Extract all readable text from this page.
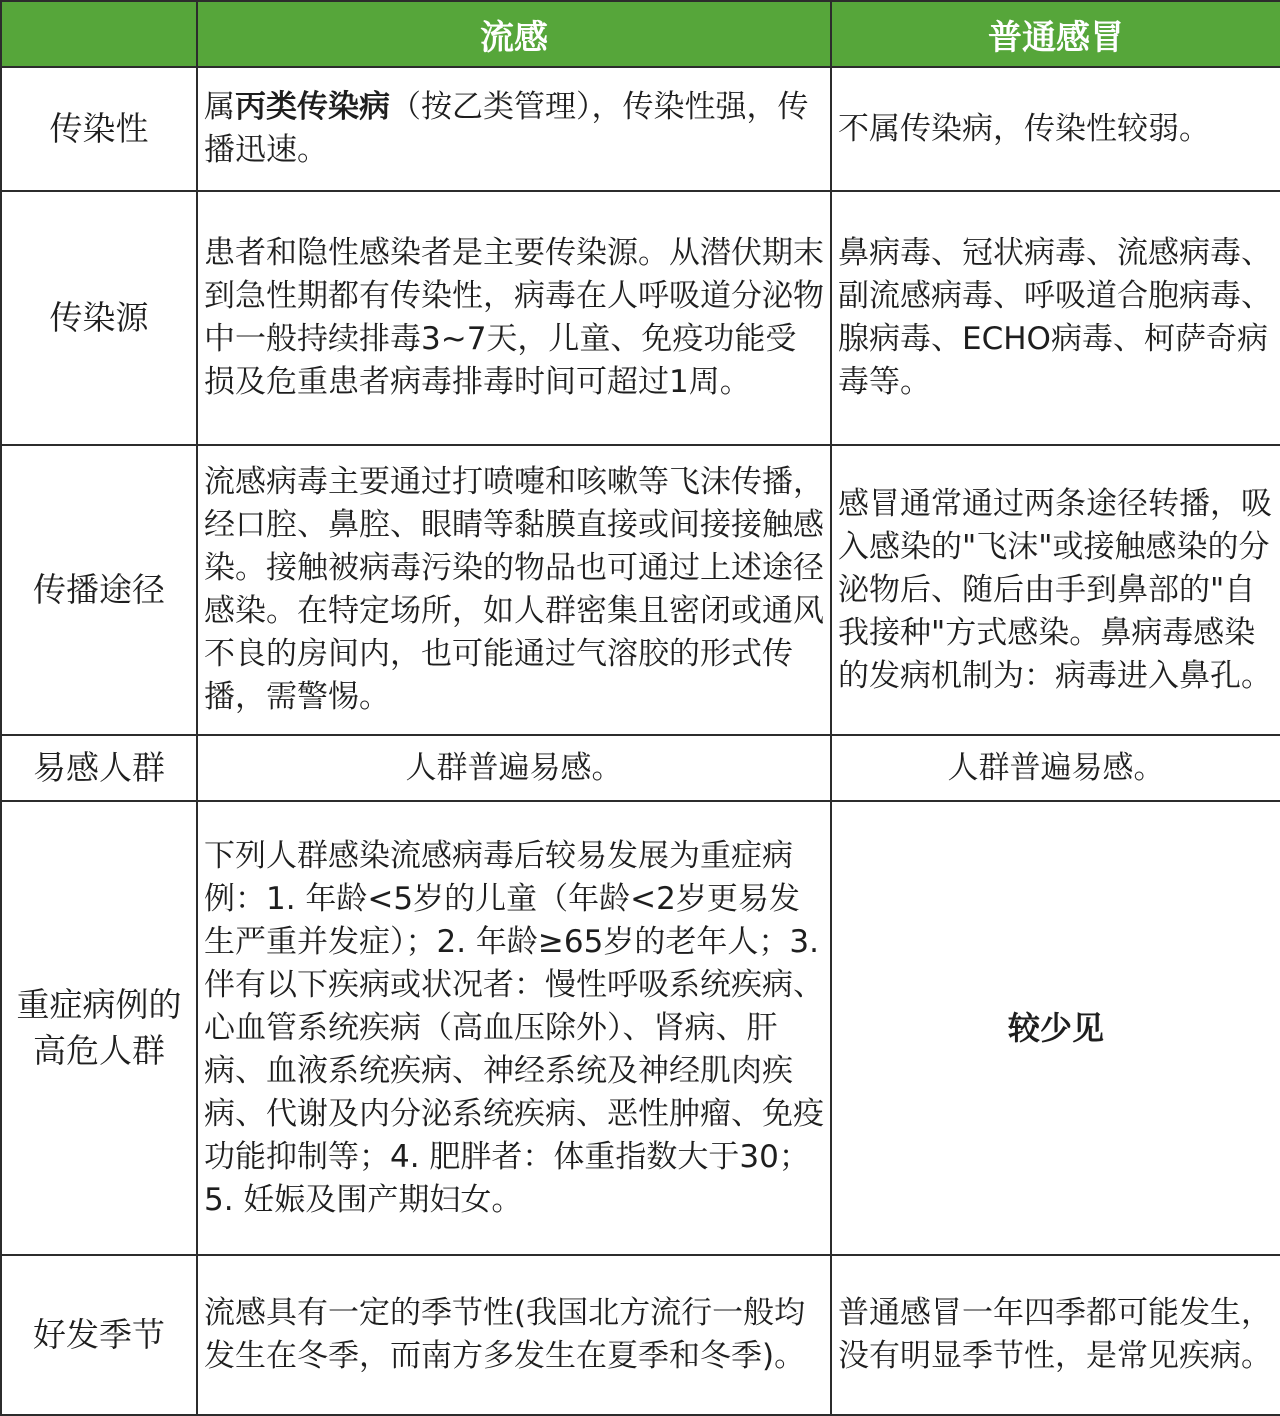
	流感	普通感冒
传染性	属丙类传染病（按乙类管理），传染性强，传播迅速。	不属传染病，传染性较弱。
传染源	患者和隐性感染者是主要传染源。从潜伏期末到急性期都有传染性，病毒在人呼吸道分泌物中一般持续排毒3~7天，儿童、免疫功能受损及危重患者病毒排毒时间可超过1周。	鼻病毒、冠状病毒、流感病毒、副流感病毒、呼吸道合胞病毒、腺病毒、ECHO病毒、柯萨奇病毒等。
传播途径	流感病毒主要通过打喷嚏和咳嗽等飞沫传播，经口腔、鼻腔、眼睛等黏膜直接或间接接触感染。接触被病毒污染的物品也可通过上述途径感染。在特定场所，如人群密集且密闭或通风不良的房间内，也可能通过气溶胶的形式传播，需警惕。	感冒通常通过两条途径转播，吸入感染的"飞沫"或接触感染的分泌物后、随后由手到鼻部的"自我接种"方式感染。鼻病毒感染的发病机制为：病毒进入鼻孔。
易感人群	人群普遍易感。	人群普遍易感。
重症病例的高危人群	下列人群感染流感病毒后较易发展为重症病例：1. 年龄<5岁的儿童（年龄<2岁更易发生严重并发症）；2. 年龄≥65岁的老年人；3. 伴有以下疾病或状况者：慢性呼吸系统疾病、心血管系统疾病（高血压除外）、肾病、肝病、血液系统疾病、神经系统及神经肌肉疾病、代谢及内分泌系统疾病、恶性肿瘤、免疫功能抑制等；4. 肥胖者：体重指数大于30；5. 妊娠及围产期妇女。	较少见
好发季节	流感具有一定的季节性(我国北方流行一般均发生在冬季，而南方多发生在夏季和冬季)。	普通感冒一年四季都可能发生，没有明显季节性，是常见疾病。
